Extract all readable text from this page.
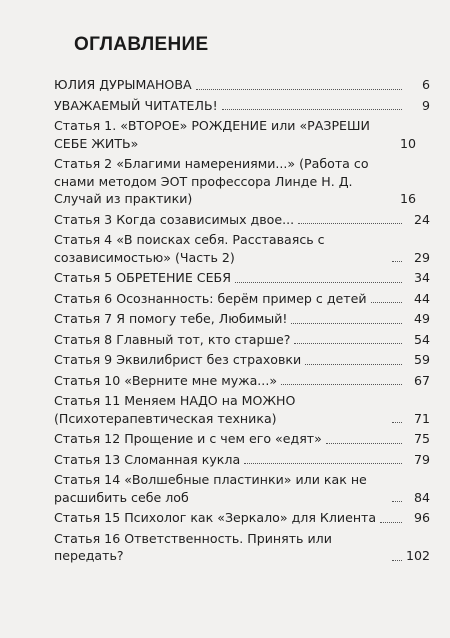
ОГЛАВЛЕНИЕ
ЮЛИЯ ДУРЫМАНОВА	6
УВАЖАЕМЫЙ ЧИТАТЕЛЬ!	9
Статья 1. «ВТОРОЕ» РОЖДЕНИЕ или «РАЗРЕШИ СЕБЕ ЖИТЬ»	10
Статья 2 «Благими намерениями...» (Работа со снами методом ЭОТ профессора Линде Н. Д. Случай из практики)	16
Статья 3 Когда созависимых двое...	24
Статья 4 «В поисках себя. Расставаясь с созависимостью» (Часть 2)	29
Статья 5 ОБРЕТЕНИЕ СЕБЯ	34
Статья 6 Осознанность: берём пример с детей	44
Статья 7 Я помогу тебе, Любимый!	49
Статья 8 Главный тот, кто старше?	54
Статья 9 Эквилибрист без страховки	59
Статья 10 «Верните мне мужа...»	67
Статья 11 Меняем НАДО на МОЖНО (Психотерапевтическая техника)	71
Статья 12 Прощение и с чем его «едят»	75
Статья 13 Сломанная кукла	79
Статья 14 «Волшебные пластинки» или как не расшибить себе лоб	84
Статья 15 Психолог как «Зеркало» для Клиента	96
Статья 16 Ответственность. Принять или передать?	102
